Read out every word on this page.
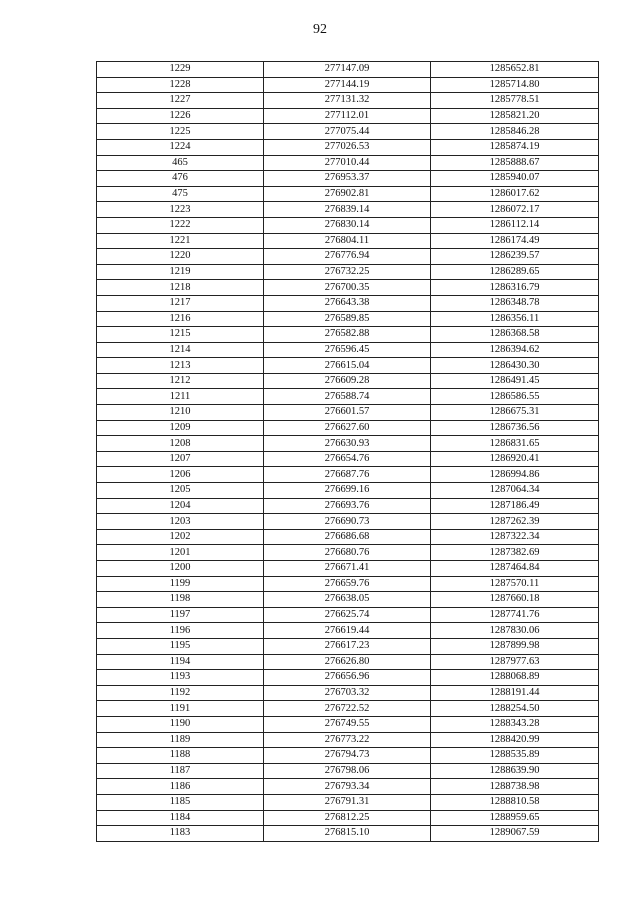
92
1229	277147.09	1285652.81
1228	277144.19	1285714.80
1227	277131.32	1285778.51
1226	277112.01	1285821.20
1225	277075.44	1285846.28
1224	277026.53	1285874.19
465	277010.44	1285888.67
476	276953.37	1285940.07
475	276902.81	1286017.62
1223	276839.14	1286072.17
1222	276830.14	1286112.14
1221	276804.11	1286174.49
1220	276776.94	1286239.57
1219	276732.25	1286289.65
1218	276700.35	1286316.79
1217	276643.38	1286348.78
1216	276589.85	1286356.11
1215	276582.88	1286368.58
1214	276596.45	1286394.62
1213	276615.04	1286430.30
1212	276609.28	1286491.45
1211	276588.74	1286586.55
1210	276601.57	1286675.31
1209	276627.60	1286736.56
1208	276630.93	1286831.65
1207	276654.76	1286920.41
1206	276687.76	1286994.86
1205	276699.16	1287064.34
1204	276693.76	1287186.49
1203	276690.73	1287262.39
1202	276686.68	1287322.34
1201	276680.76	1287382.69
1200	276671.41	1287464.84
1199	276659.76	1287570.11
1198	276638.05	1287660.18
1197	276625.74	1287741.76
1196	276619.44	1287830.06
1195	276617.23	1287899.98
1194	276626.80	1287977.63
1193	276656.96	1288068.89
1192	276703.32	1288191.44
1191	276722.52	1288254.50
1190	276749.55	1288343.28
1189	276773.22	1288420.99
1188	276794.73	1288535.89
1187	276798.06	1288639.90
1186	276793.34	1288738.98
1185	276791.31	1288810.58
1184	276812.25	1288959.65
1183	276815.10	1289067.59
